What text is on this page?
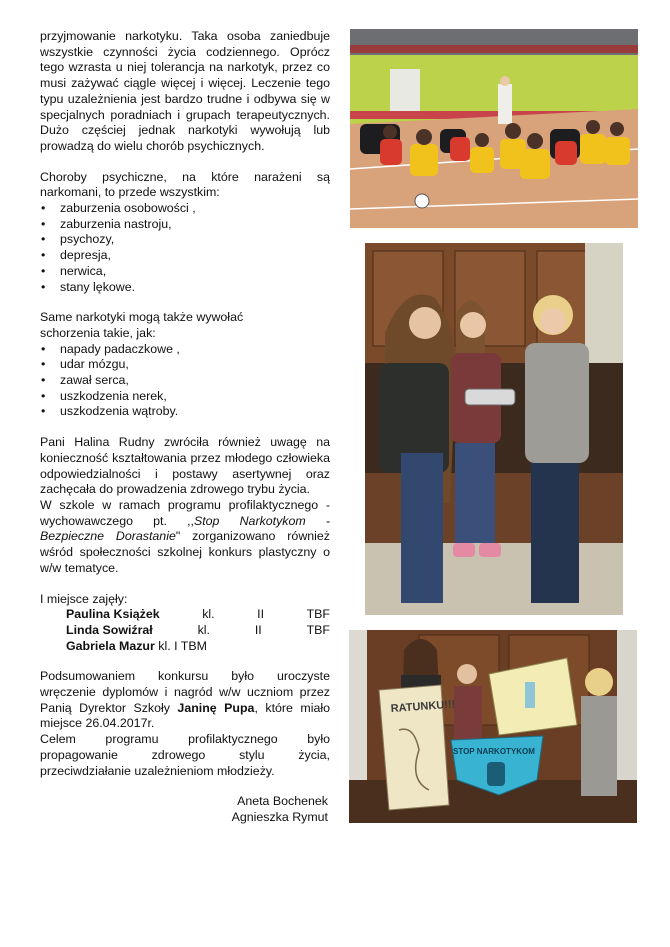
przyjmowanie narkotyku. Taka osoba zaniedbuje wszystkie czynności życia codziennego. Oprócz tego wzrasta u niej tolerancja na narkotyk, przez co musi zażywać ciągle więcej i więcej. Leczenie tego typu uzależnienia jest bardzo trudne i odbywa się w specjalnych poradniach i grupach terapeutycznych. Dużo częściej jednak narkotyki wywołują lub prowadzą do wielu chorób psychicznych.

Choroby psychiczne, na które narażeni są narkomani, to przede wszystkim:

• zaburzenia osobowości ,
• zaburzenia nastroju,
• psychozy,
• depresja,
• nerwica,
• stany lękowe.

Same narkotyki mogą także wywołać schorzenia takie, jak:

• napady padaczkowe ,
• udar mózgu,
• zawał serca,
• uszkodzenia nerek,
• uszkodzenia wątroby.

Pani Halina Rudny zwróciła również uwagę na konieczność kształtowania przez młodego człowieka odpowiedzialności i postawy asertywnej oraz zachęcała do prowadzenia zdrowego trybu życia.

W szkole w ramach programu profilaktycznego - wychowawczego pt. ,,Stop Narkotykom - Bezpieczne Dorastanie" zorganizowano również wśród społeczności szkolnej konkurs plastyczny o w/w tematyce.

I miejsce zajęły:

Paulina Książek	kl.	II	TBF
Linda Sowiźrał	kl.	II	TBF
Gabriela Mazur kl. I TBM

Podsumowaniem konkursu było uroczyste wręczenie dyplomów i nagród w/w uczniom przez Panią Dyrektor Szkoły Janinę Pupa, które miało miejsce 26.04.2017r.

Celem programu profilaktycznego było propagowanie zdrowego stylu życia, przeciwdziałanie uzależnieniom młodzieży.

Aneta Bochenek
Agnieszka Rymut
RATUNKU!!!
STOP NARKOTYKOM
